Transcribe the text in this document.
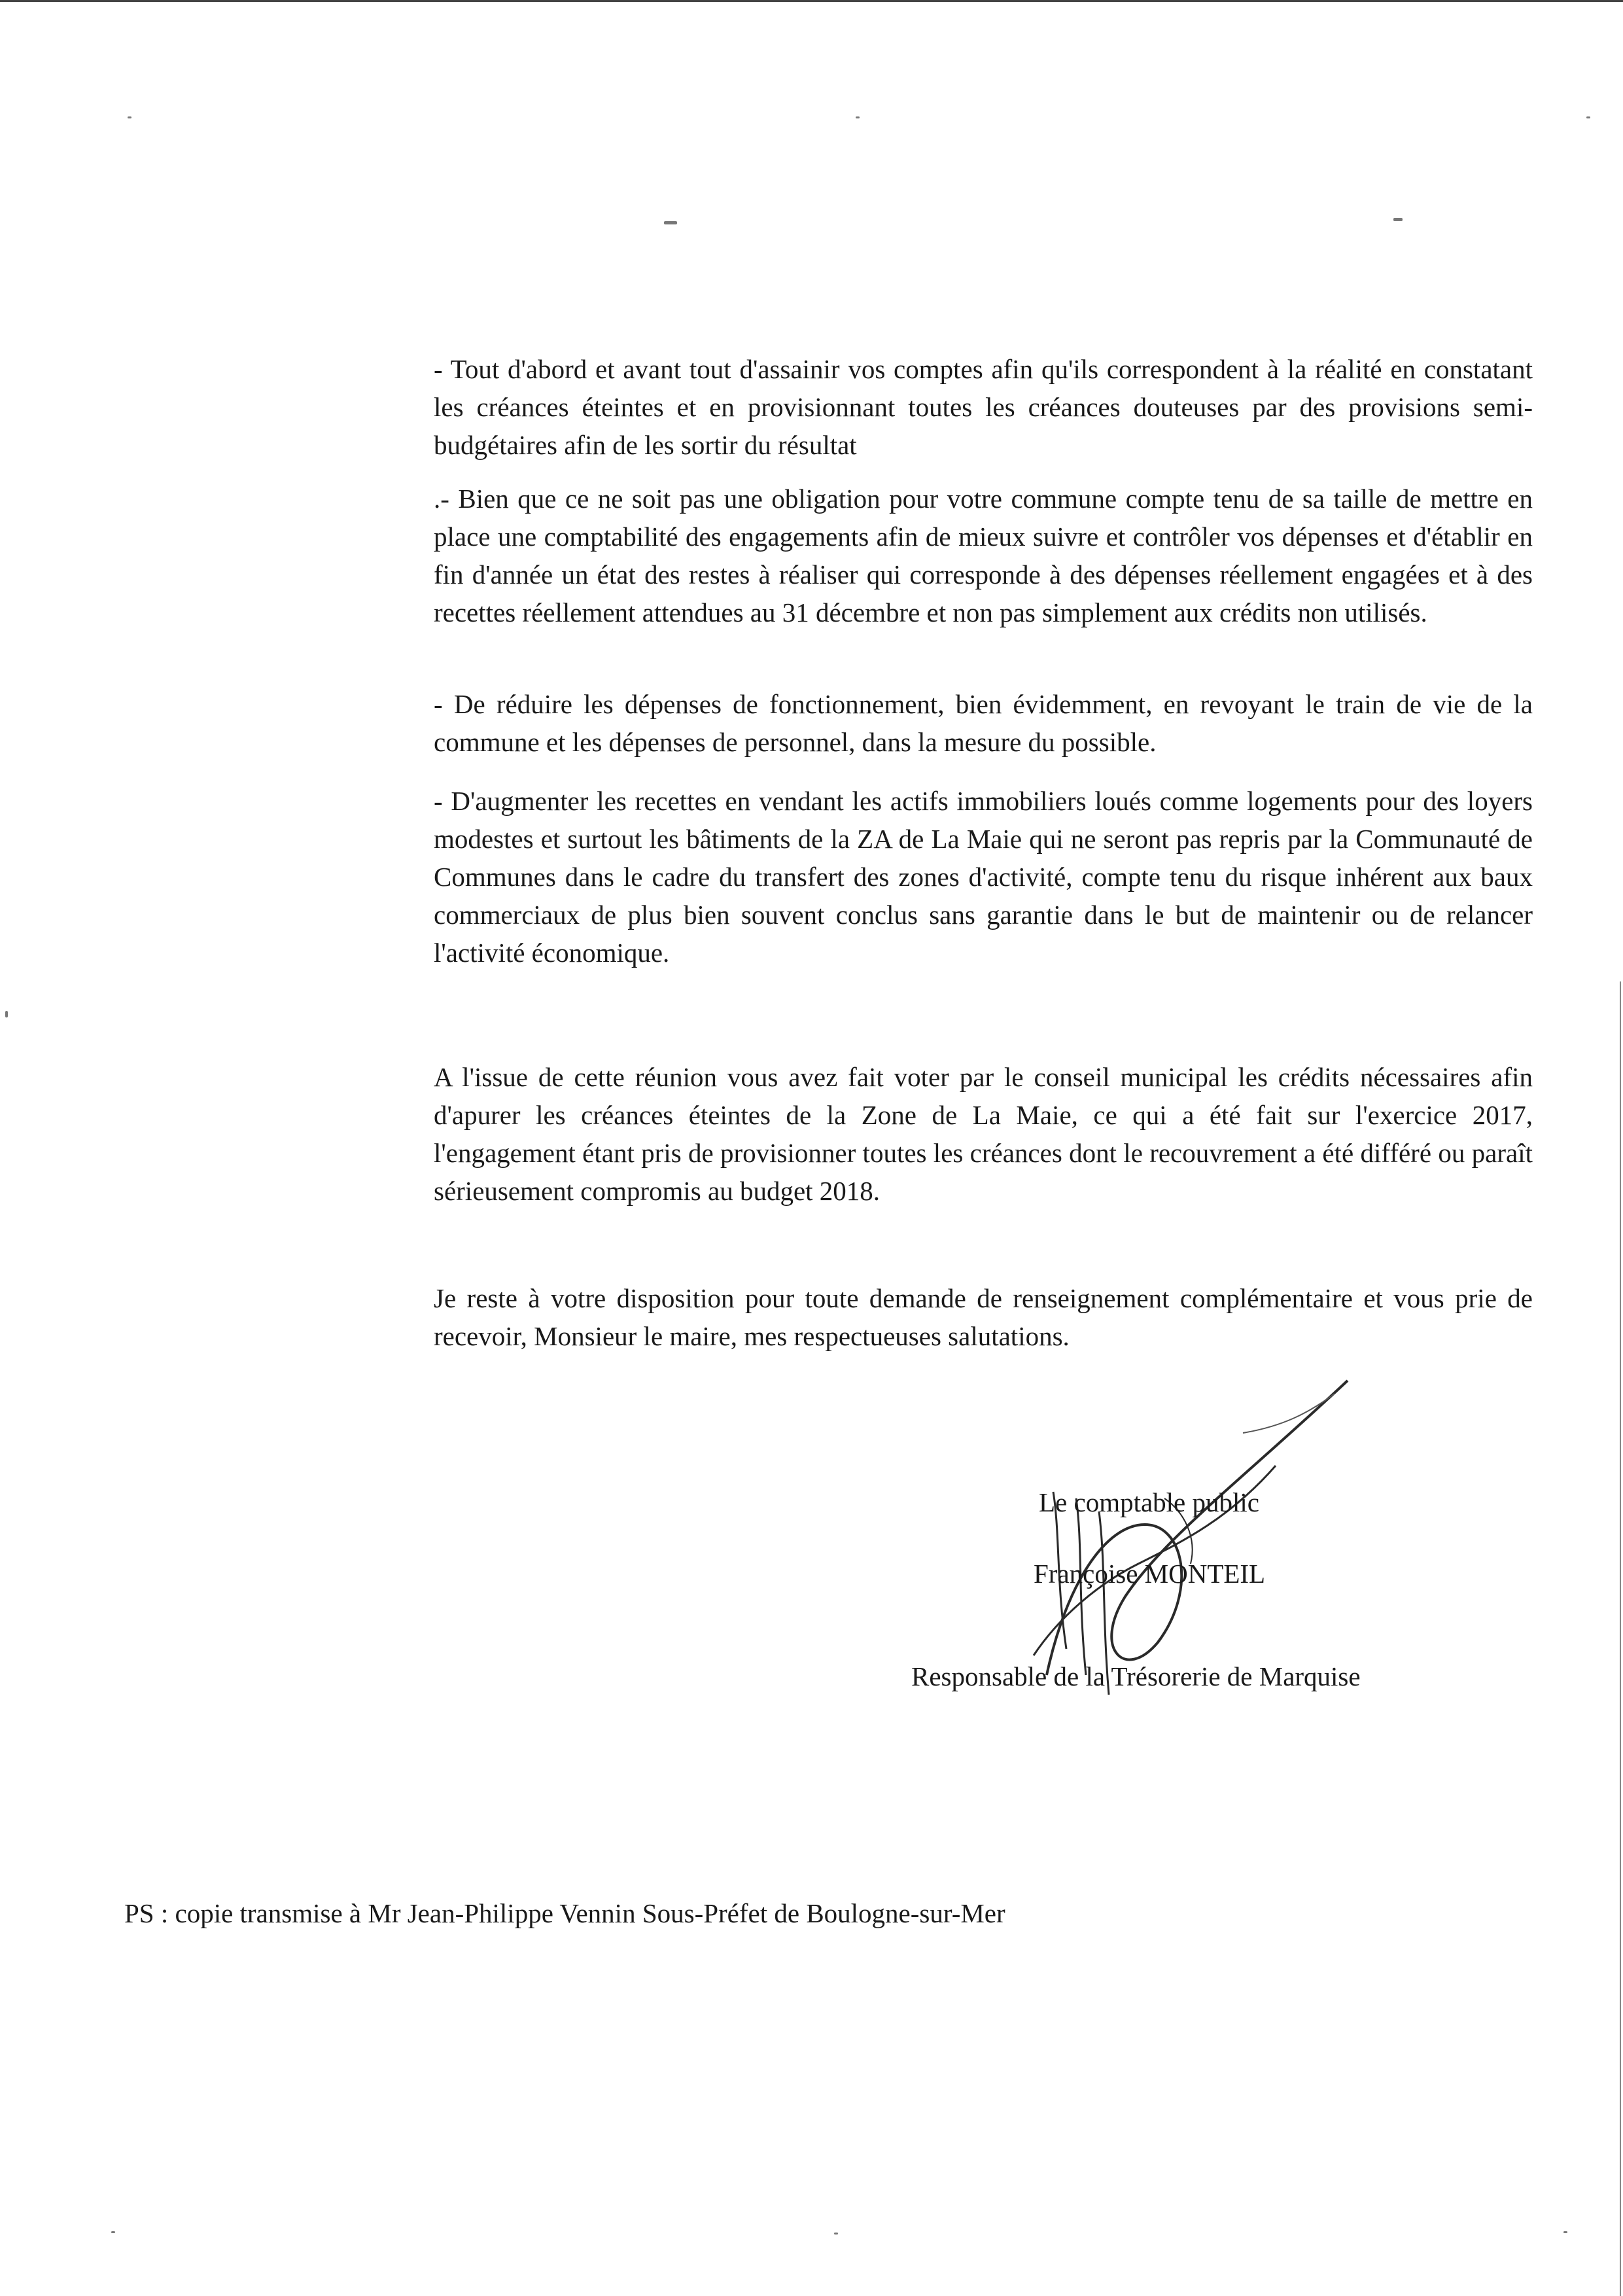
- Tout d'abord et avant tout d'assainir vos comptes afin qu'ils correspondent à la réalité en constatant les créances éteintes et en provisionnant toutes les créances douteuses par des provisions semi- budgétaires afin de les sortir du résultat

.- Bien que ce ne soit pas une obligation pour votre commune compte tenu de sa taille de mettre en place une comptabilité des engagements afin de mieux suivre et contrôler vos dépenses et d'établir en fin d'année un état des restes à réaliser qui corresponde à des dépenses réellement engagées et à des recettes réellement attendues au 31 décembre et non pas simplement aux crédits non utilisés.

- De réduire les dépenses de fonctionnement, bien évidemment, en revoyant le train de vie de la commune et les dépenses de personnel, dans la mesure du possible.

- D'augmenter les recettes en vendant les actifs immobiliers loués comme logements pour des loyers modestes et surtout les bâtiments de la ZA de La Maie qui ne seront pas repris par la Communauté de Communes dans le cadre du transfert des zones d'activité, compte tenu du risque inhérent aux baux commerciaux de plus bien souvent conclus sans garantie dans le but de maintenir ou de relancer l'activité économique.

A l'issue de cette réunion vous avez fait voter par le conseil municipal les crédits nécessaires afin d'apurer les créances éteintes de la Zone de La Maie, ce qui a été fait sur l'exercice 2017, l'engagement étant pris de provisionner toutes les créances dont le recouvrement a été différé ou paraît sérieusement compromis au budget 2018.

Je reste à votre disposition pour toute demande de renseignement complémentaire et vous prie de recevoir, Monsieur le maire, mes respectueuses salutations.

Le comptable public

Françoise MONTEIL

Responsable de la Trésorerie de Marquise

PS : copie transmise à Mr Jean-Philippe Vennin Sous-Préfet de Boulogne-sur-Mer
